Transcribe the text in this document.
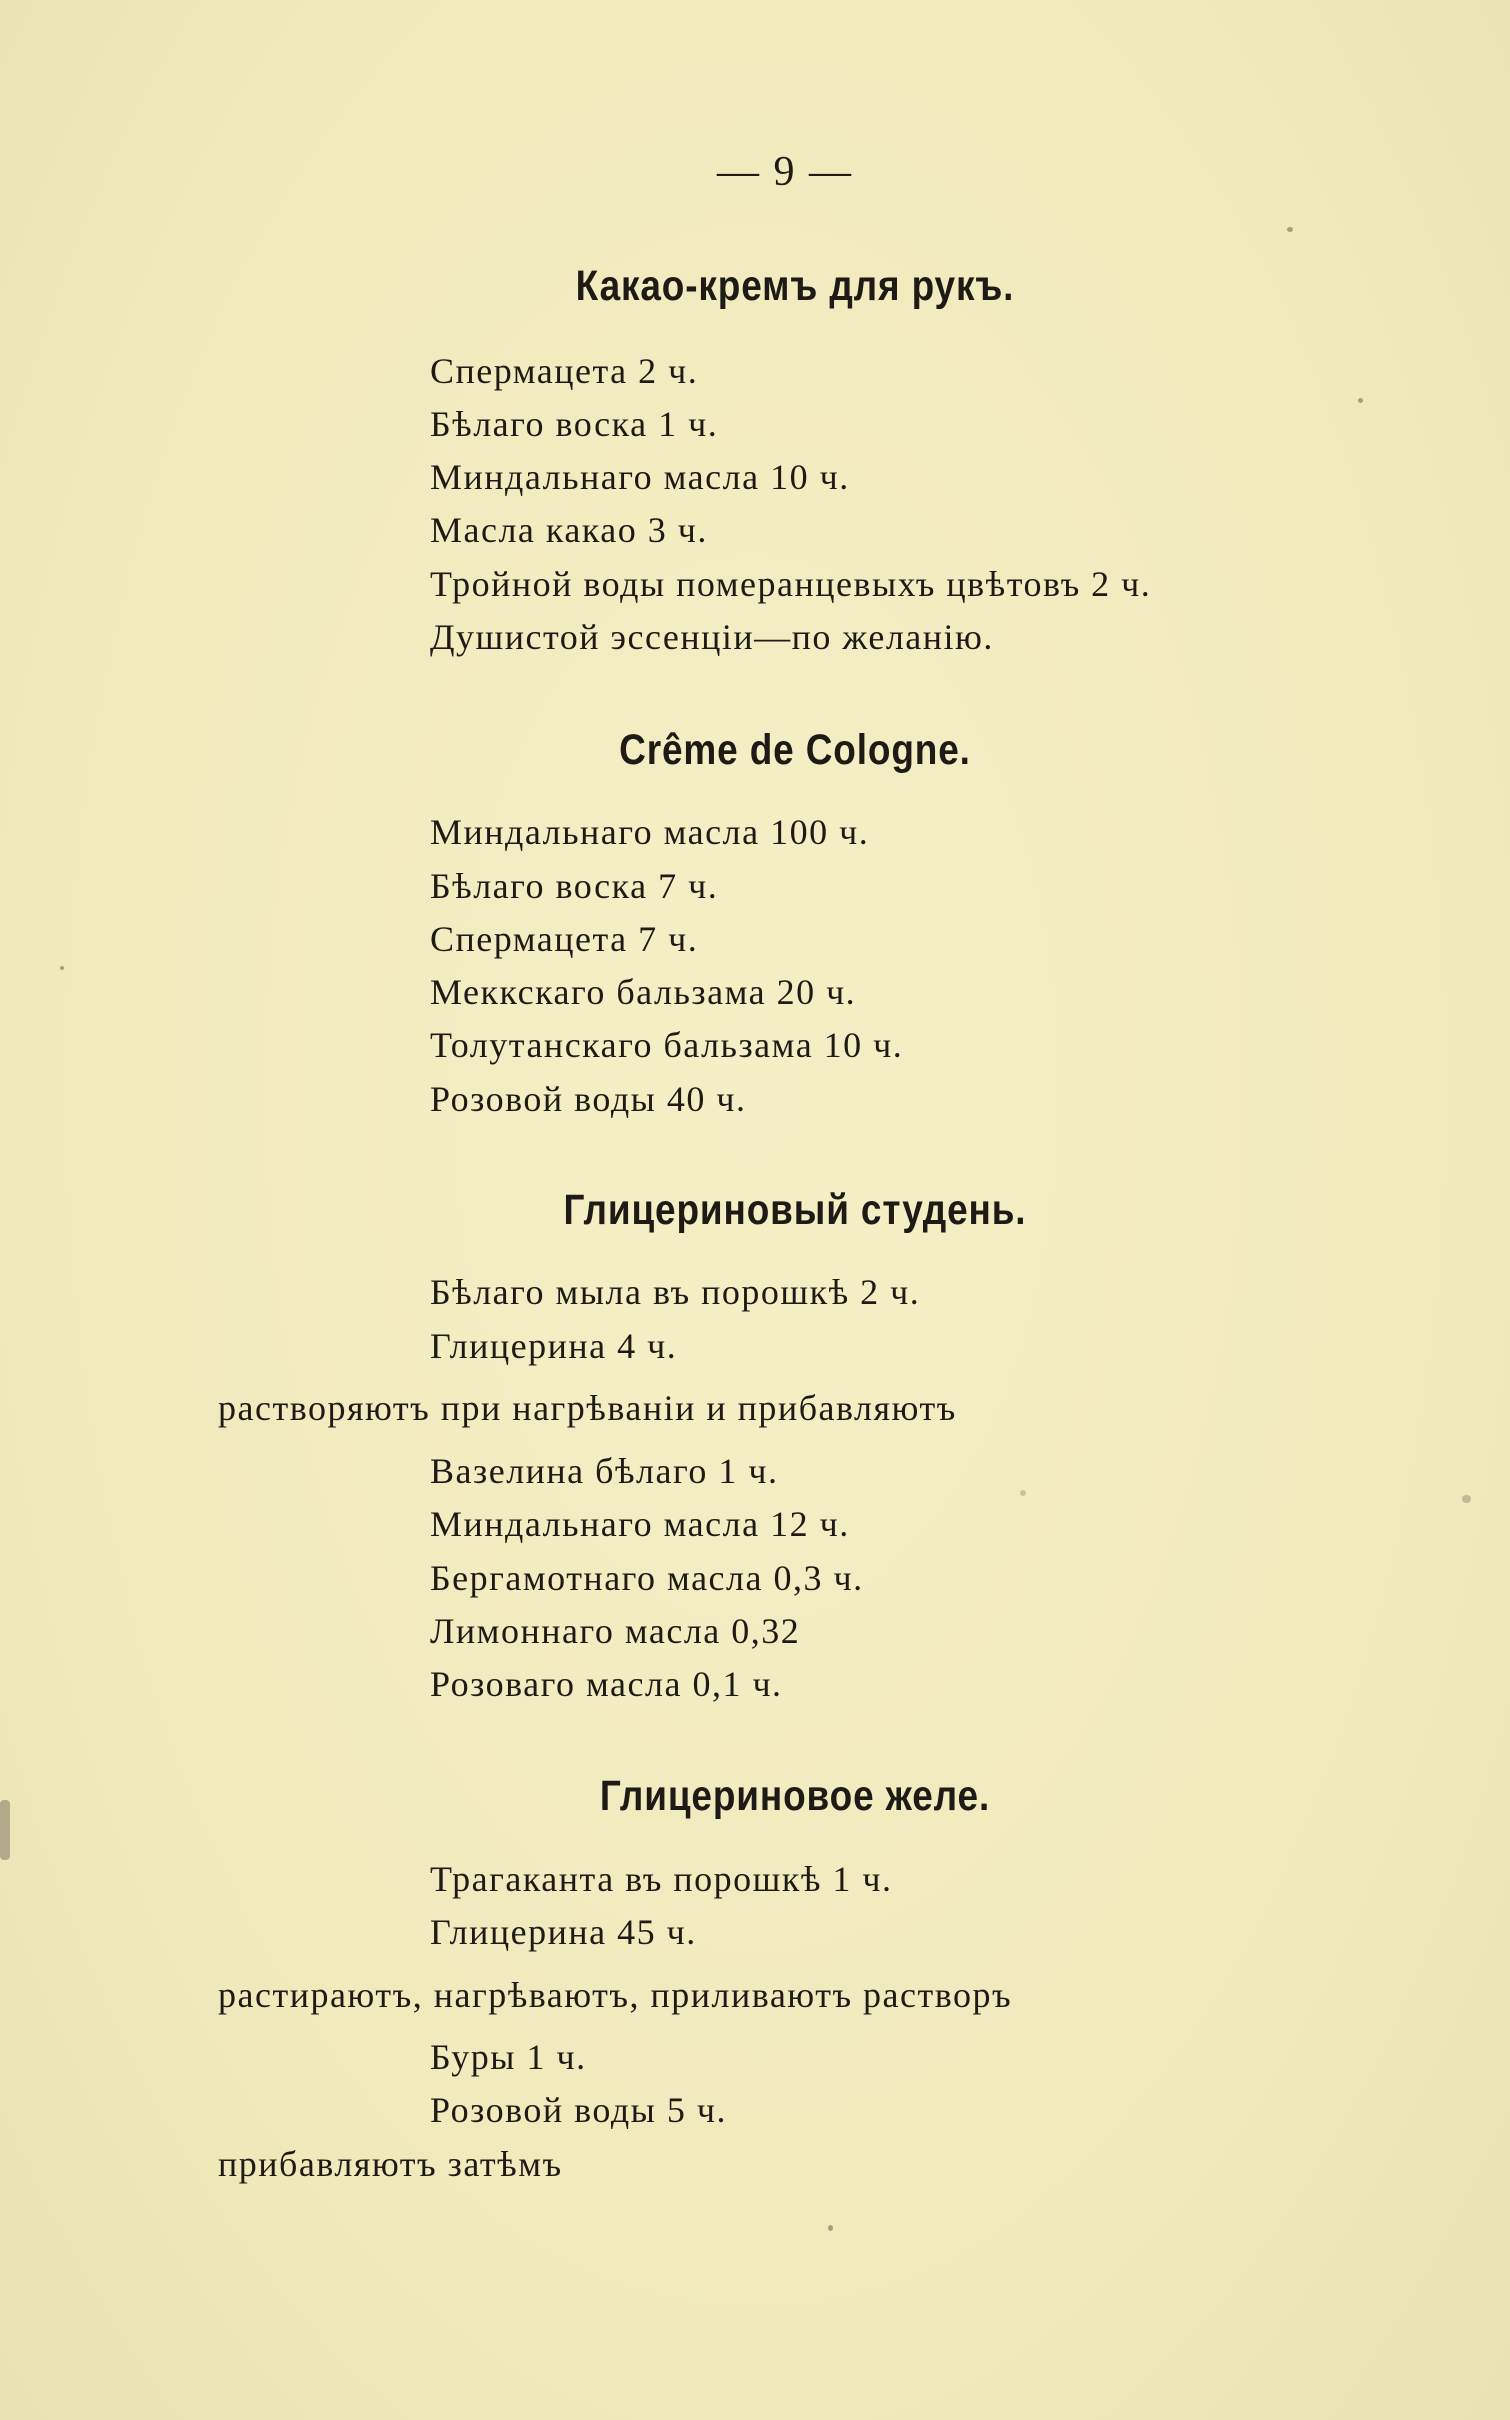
— 9 —
Какао-кремъ для рукъ.
Спермацета 2 ч.
Бѣлаго воска 1 ч.
Миндальнаго масла 10 ч.
Масла какао 3 ч.
Тройной воды померанцевыхъ цвѣтовъ 2 ч.
Душистой эссенціи—по желанію.
Crême de Cologne.
Миндальнаго масла 100 ч.
Бѣлаго воска 7 ч.
Спермацета 7 ч.
Меккскаго бальзама 20 ч.
Толутанскаго бальзама 10 ч.
Розовой воды 40 ч.
Глицериновый студень.
Бѣлаго мыла въ порошкѣ 2 ч.
Глицерина 4 ч.
растворяютъ при нагрѣваніи и прибавляютъ
Вазелина бѣлаго 1 ч.
Миндальнаго масла 12 ч.
Бергамотнаго масла 0,3 ч.
Лимоннаго масла 0,32
Розоваго масла 0,1 ч.
Глицериновое желе.
Трагаканта въ порошкѣ 1 ч.
Глицерина 45 ч.
растираютъ, нагрѣваютъ, приливаютъ растворъ
Буры 1 ч.
Розовой воды 5 ч.
прибавляютъ затѣмъ
